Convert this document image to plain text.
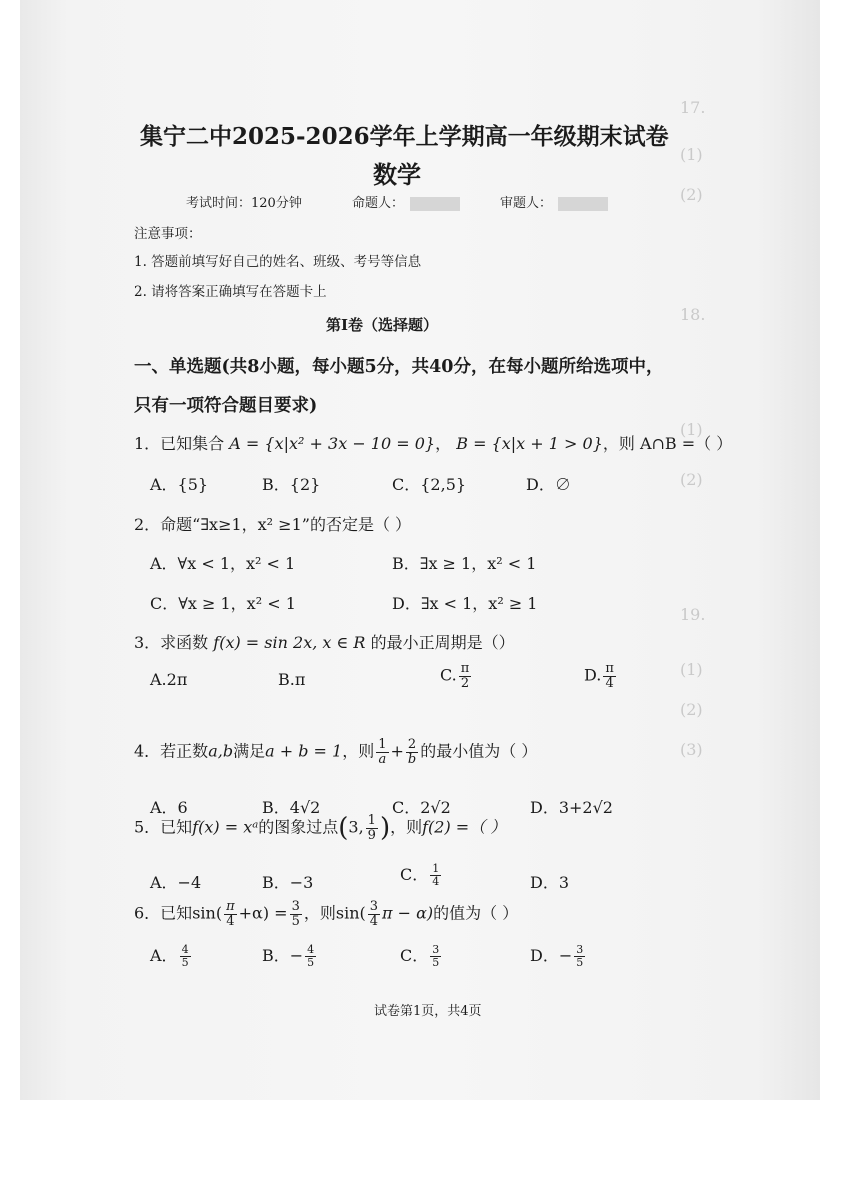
17.
(1)
(2)
18.
(1)
(2)
19.
(1)
(2)
(3)
集宁二中2025-2026学年上学期高一年级期末试卷
数学
考试时间：120分钟	命题人：	审题人：
注意事项：
1. 答题前填写好自己的姓名、班级、考号等信息
2. 请将答案正确填写在答题卡上
第Ⅰ卷（选择题）
一、单选题(共8小题，每小题5分，共40分，在每小题所给选项中，
只有一项符合题目要求)
1．已知集合 A = {x|x² + 3x − 10 = 0}， B = {x|x + 1 > 0}，则 A∩B =（ ）
A．{5}	B．{2}	C．{2,5}	D．∅
2．命题“∃x≥1，x² ≥1”的否定是（ ）
A．∀x < 1，x² < 1	B．∃x ≥ 1，x² < 1
C．∀x ≥ 1，x² < 1	D．∃x < 1，x² ≥ 1
3．求函数 f(x) = sin 2x, x ∈ R 的最小正周期是（）
A.2π	B.π	C. $\frac{\pi}{2}$	D. $\frac{\pi}{4}$
4．若正数a,b满足a + b = 1，则 $\frac{1}{a} + \frac{2}{b}$ 的最小值为（ ）
A．6	B．4√2	C．2√2	D．3+2√2
5．已知f(x) = xᵃ的图象过点(3, $\frac{1}{9}$ )，则f(2) =（ ）
A．−4	B．−3	C． $\frac{1}{4}$	D．3
6．已知$\sin( \frac{\pi}{4} +\alpha) = \frac{3}{5}$ ，则$\sin( \frac{3}{4}$ π − α)的值为（ ）
A． $\frac{4}{5}$	B．− $\frac{4}{5}$	C． $\frac{3}{5}$	D．− $\frac{3}{5}$
试卷第1页，共4页
